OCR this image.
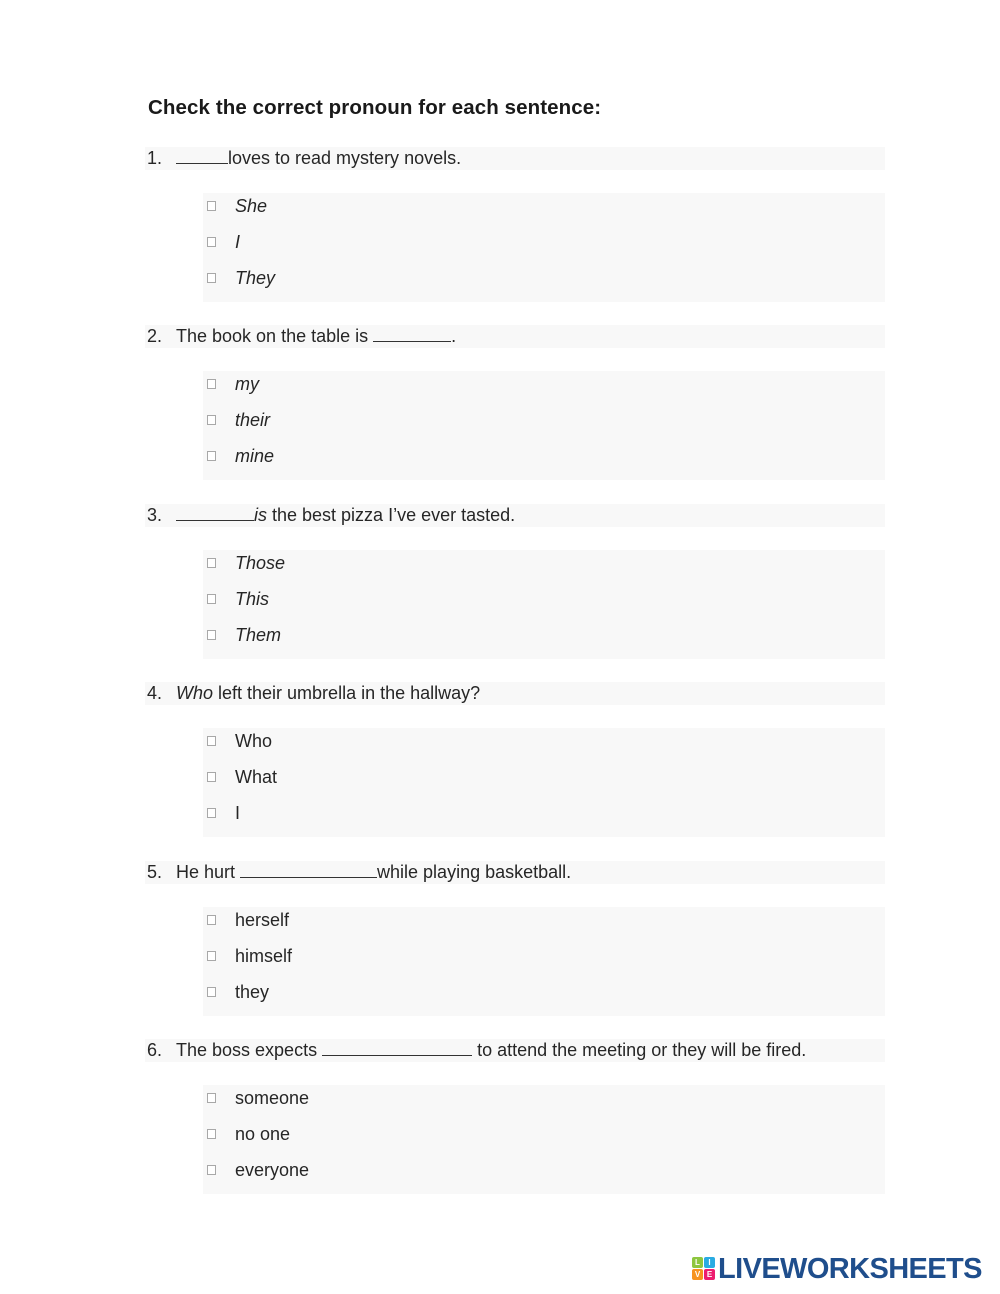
Check the correct pronoun for each sentence:
1.	loves to read mystery novels.
She
I
They
2. The book on the table is	.
my
their
mine
3.	is the best pizza I’ve ever tasted.
Those
This
Them
4. Who left their umbrella in the hallway?
Who
What
I
5. He hurt	while playing basketball.
herself
himself
they
6. The boss expects	to attend the meeting or they will be fired.
someone
no one
everyone
L	I
V E LIVEWORKSHEETS
